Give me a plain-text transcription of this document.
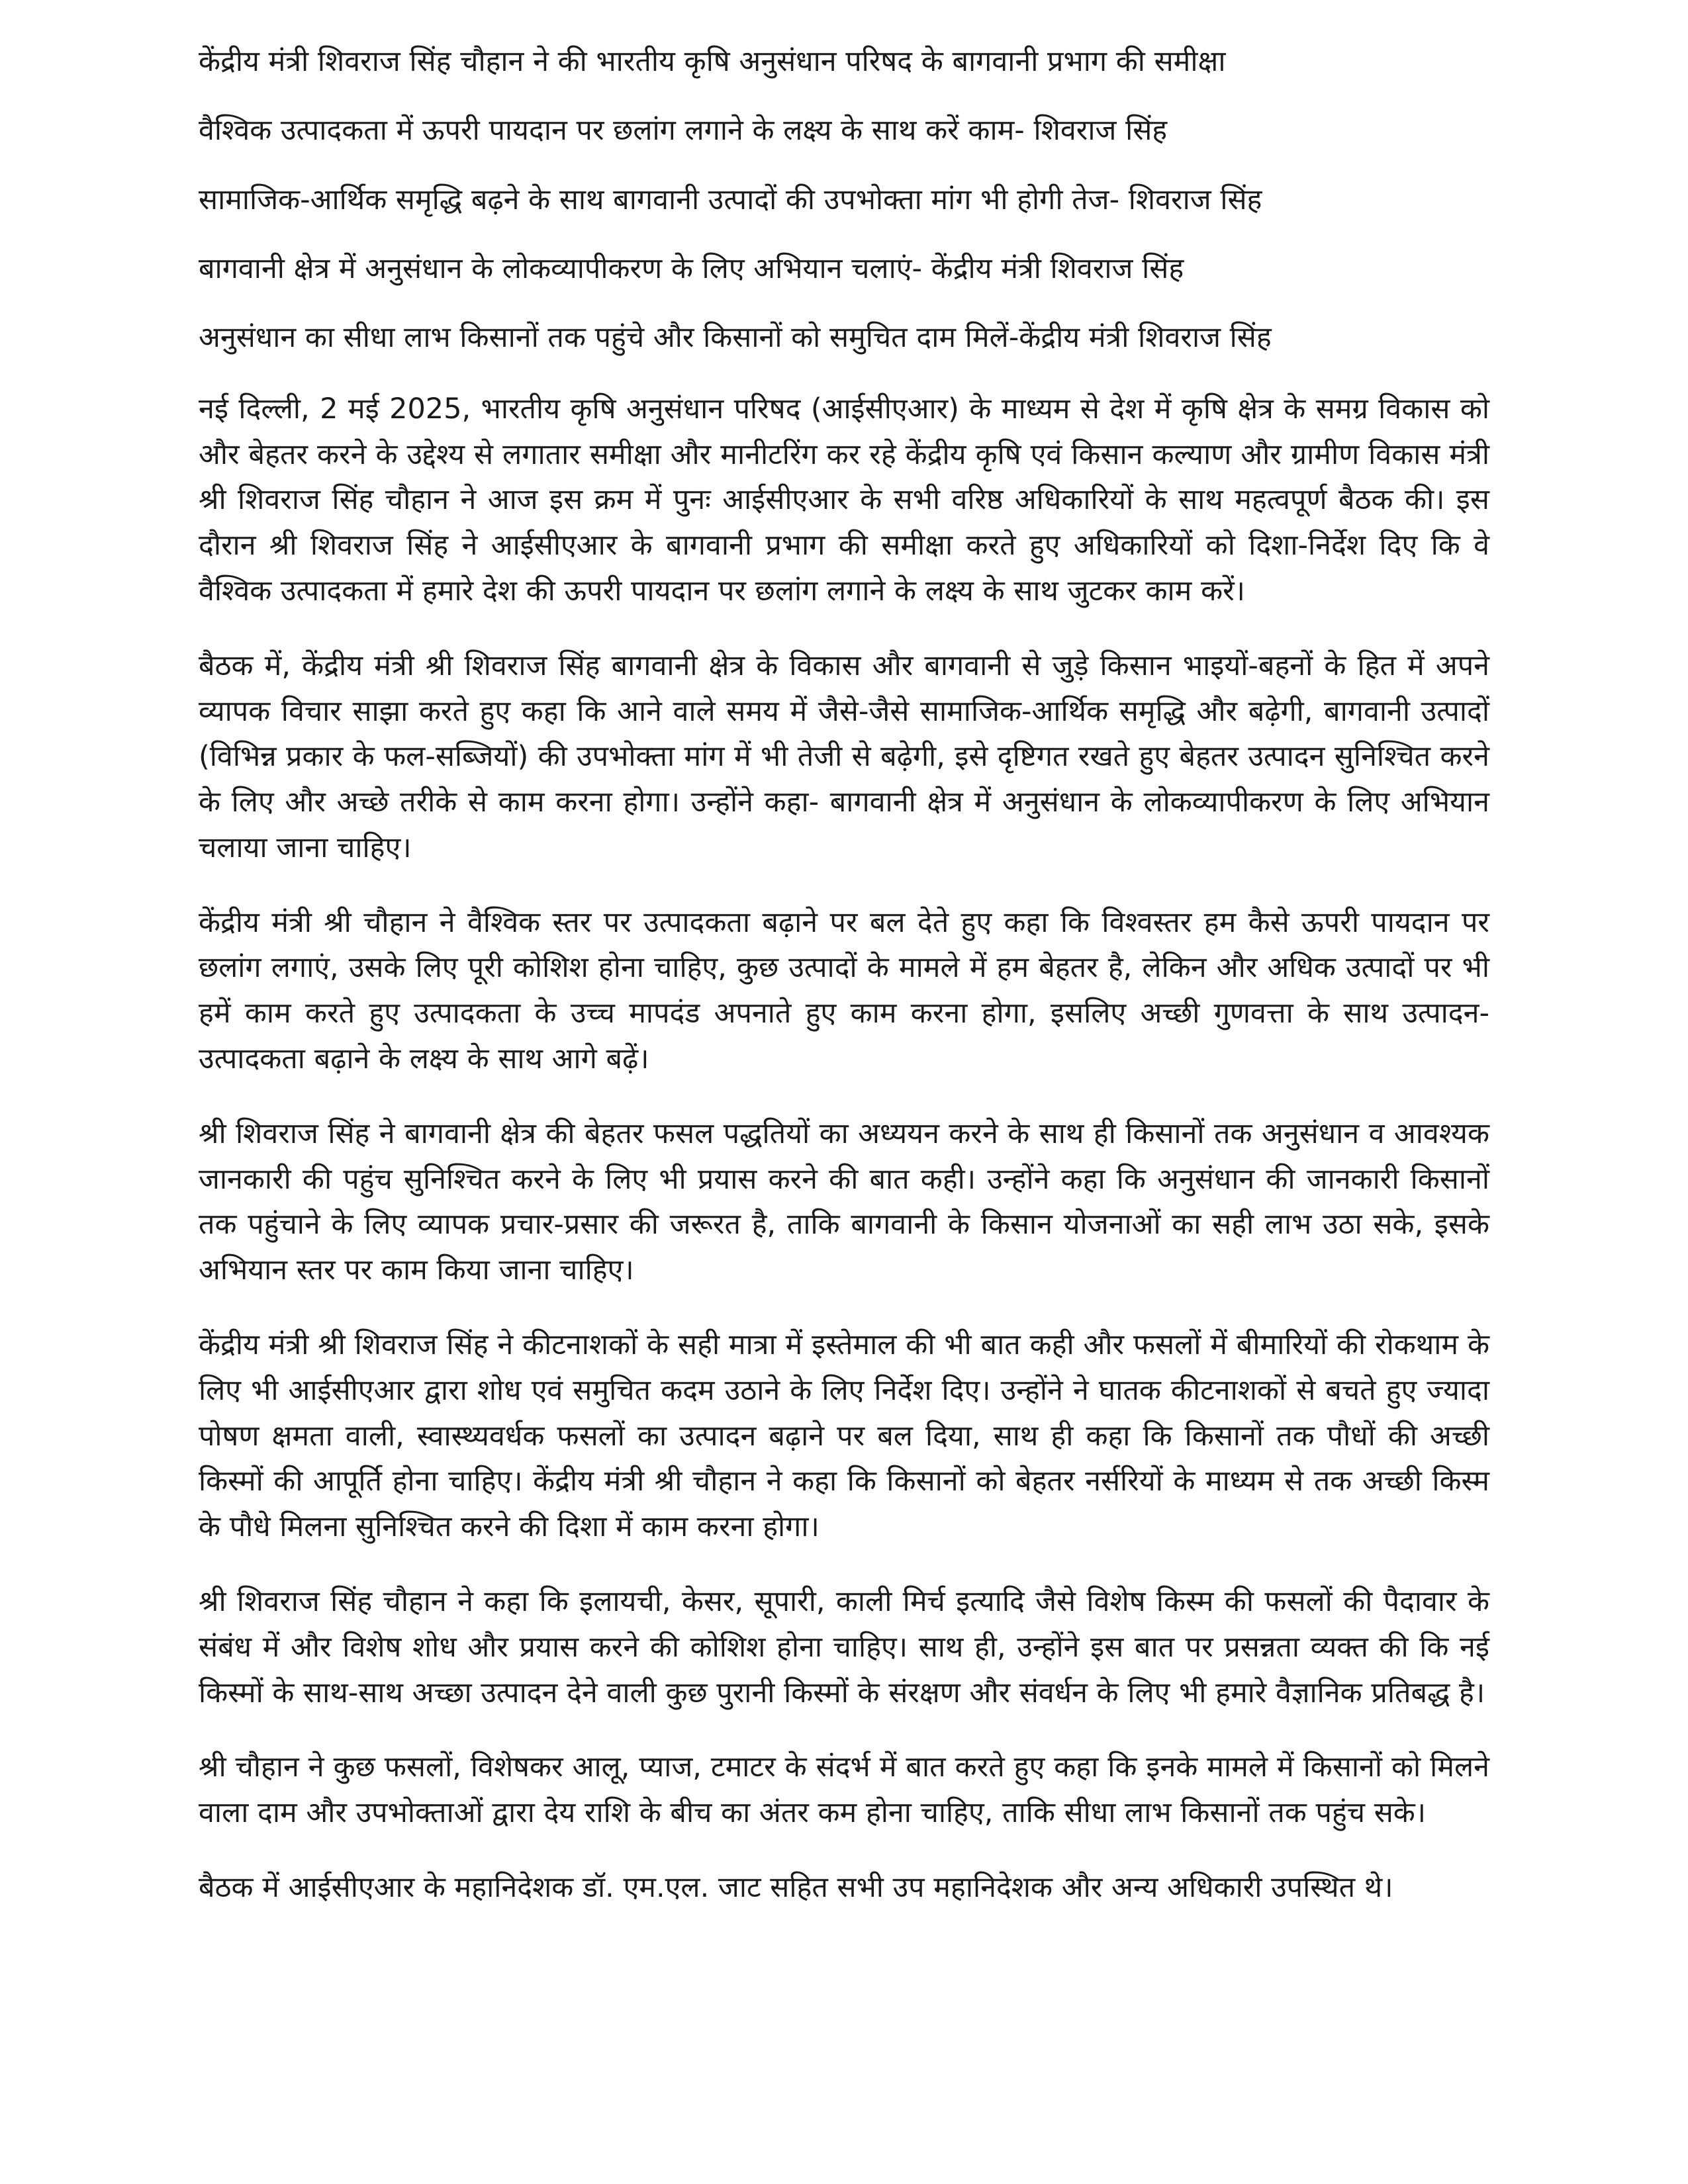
केंद्रीय मंत्री शिवराज सिंह चौहान ने की भारतीय कृषि अनुसंधान परिषद के बागवानी प्रभाग की समीक्षा

वैश्विक उत्पादकता में ऊपरी पायदान पर छलांग लगाने के लक्ष्य के साथ करें काम- शिवराज सिंह

सामाजिक-आर्थिक समृद्धि बढ़ने के साथ बागवानी उत्पादों की उपभोक्ता मांग भी होगी तेज- शिवराज सिंह

बागवानी क्षेत्र में अनुसंधान के लोकव्यापीकरण के लिए अभियान चलाएं- केंद्रीय मंत्री शिवराज सिंह

अनुसंधान का सीधा लाभ किसानों तक पहुंचे और किसानों को समुचित दाम मिलें-केंद्रीय मंत्री शिवराज सिंह

नई दिल्ली, 2 मई 2025, भारतीय कृषि अनुसंधान परिषद (आईसीएआर) के माध्यम से देश में कृषि क्षेत्र के समग्र विकास को और बेहतर करने के उद्देश्य से लगातार समीक्षा और मानीटरिंग कर रहे केंद्रीय कृषि एवं किसान कल्याण और ग्रामीण विकास मंत्री श्री शिवराज सिंह चौहान ने आज इस क्रम में पुनः आईसीएआर के सभी वरिष्ठ अधिकारियों के साथ महत्वपूर्ण बैठक की। इस दौरान श्री शिवराज सिंह ने आईसीएआर के बागवानी प्रभाग की समीक्षा करते हुए अधिकारियों को दिशा-निर्देश दिए कि वे वैश्विक उत्पादकता में हमारे देश की ऊपरी पायदान पर छलांग लगाने के लक्ष्य के साथ जुटकर काम करें।

बैठक में, केंद्रीय मंत्री श्री शिवराज सिंह बागवानी क्षेत्र के विकास और बागवानी से जुड़े किसान भाइयों-बहनों के हित में अपने व्यापक विचार साझा करते हुए कहा कि आने वाले समय में जैसे-जैसे सामाजिक-आर्थिक समृद्धि और बढ़ेगी, बागवानी उत्पादों (विभिन्न प्रकार के फल-सब्जियों) की उपभोक्ता मांग में भी तेजी से बढ़ेगी, इसे दृष्टिगत रखते हुए बेहतर उत्पादन सुनिश्चित करने के लिए और अच्छे तरीके से काम करना होगा। उन्होंने कहा- बागवानी क्षेत्र में अनुसंधान के लोकव्यापीकरण के लिए अभियान चलाया जाना चाहिए।

केंद्रीय मंत्री श्री चौहान ने वैश्विक स्तर पर उत्पादकता बढ़ाने पर बल देते हुए कहा कि विश्वस्तर हम कैसे ऊपरी पायदान पर छलांग लगाएं, उसके लिए पूरी कोशिश होना चाहिए, कुछ उत्पादों के मामले में हम बेहतर है, लेकिन और अधिक उत्पादों पर भी हमें काम करते हुए उत्पादकता के उच्च मापदंड अपनाते हुए काम करना होगा, इसलिए अच्छी गुणवत्ता के साथ उत्पादन-उत्पादकता बढ़ाने के लक्ष्य के साथ आगे बढ़ें।

श्री शिवराज सिंह ने बागवानी क्षेत्र की बेहतर फसल पद्धतियों का अध्ययन करने के साथ ही किसानों तक अनुसंधान व आवश्यक जानकारी की पहुंच सुनिश्चित करने के लिए भी प्रयास करने की बात कही। उन्होंने कहा कि अनुसंधान की जानकारी किसानों तक पहुंचाने के लिए व्यापक प्रचार-प्रसार की जरूरत है, ताकि बागवानी के किसान योजनाओं का सही लाभ उठा सके, इसके अभियान स्तर पर काम किया जाना चाहिए।

केंद्रीय मंत्री श्री शिवराज सिंह ने कीटनाशकों के सही मात्रा में इस्तेमाल की भी बात कही और फसलों में बीमारियों की रोकथाम के लिए भी आईसीएआर द्वारा शोध एवं समुचित कदम उठाने के लिए निर्देश दिए। उन्होंने ने घातक कीटनाशकों से बचते हुए ज्यादा पोषण क्षमता वाली, स्वास्थ्यवर्धक फसलों का उत्पादन बढ़ाने पर बल दिया, साथ ही कहा कि किसानों तक पौधों की अच्छी किस्मों की आपूर्ति होना चाहिए। केंद्रीय मंत्री श्री चौहान ने कहा कि किसानों को बेहतर नर्सरियों के माध्यम से तक अच्छी किस्म के पौधे मिलना सुनिश्चित करने की दिशा में काम करना होगा।

श्री शिवराज सिंह चौहान ने कहा कि इलायची, केसर, सूपारी, काली मिर्च इत्यादि जैसे विशेष किस्म की फसलों की पैदावार के संबंध में और विशेष शोध और प्रयास करने की कोशिश होना चाहिए। साथ ही, उन्होंने इस बात पर प्रसन्नता व्यक्त की कि नई किस्मों के साथ-साथ अच्छा उत्पादन देने वाली कुछ पुरानी किस्मों के संरक्षण और संवर्धन के लिए भी हमारे वैज्ञानिक प्रतिबद्ध है।

श्री चौहान ने कुछ फसलों, विशेषकर आलू, प्याज, टमाटर के संदर्भ में बात करते हुए कहा कि इनके मामले में किसानों को मिलने वाला दाम और उपभोक्ताओं द्वारा देय राशि के बीच का अंतर कम होना चाहिए, ताकि सीधा लाभ किसानों तक पहुंच सके।

बैठक में आईसीएआर के महानिदेशक डॉ. एम.एल. जाट सहित सभी उप महानिदेशक और अन्य अधिकारी उपस्थित थे।
